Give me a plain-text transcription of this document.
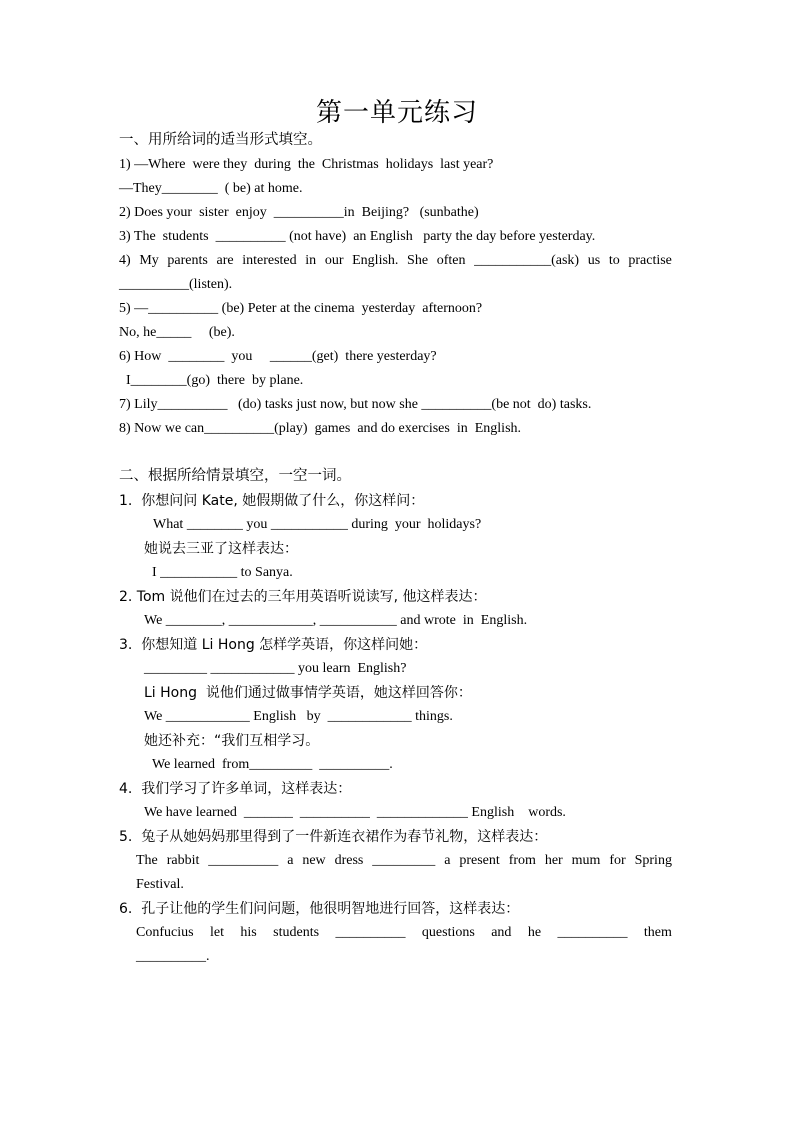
第一单元练习
一、用所给词的适当形式填空。
1) —Where  were they  during  the  Christmas  holidays  last year?
—They________  ( be) at home.
2) Does your  sister  enjoy  __________in  Beijing?   (sunbathe)
3) The  students  __________ (not have)  an English   party the day before yesterday.
4) My parents are interested in our English. She often ___________(ask) us to practise
__________(listen).
5) —__________ (be) Peter at the cinema  yesterday  afternoon?
No, he_____     (be).
6) How  ________  you     ______(get)  there yesterday?
I________(go)  there  by plane.
7) Lily__________   (do) tasks just now, but now she __________(be not  do) tasks.
8) Now we can__________(play)  games  and do exercises  in  English.
二、根据所给情景填空，一空一词。
1.  你想问问 Kate, 她假期做了什么，你这样问：
What ________ you ___________ during  your  holidays?
她说去三亚了这样表达：
I ___________ to Sanya.
2. Tom 说他们在过去的三年用英语听说读写, 他这样表达：
We ________, ____________, ___________ and wrote  in  English.
3.  你想知道 Li Hong 怎样学英语，你这样问她：
_________ ____________ you learn  English?
Li Hong  说他们通过做事情学英语，她这样回答你：
We ____________ English   by  ____________ things.
她还补充：“我们互相学习。
We learned  from_________  __________.
4.  我们学习了许多单词，这样表达：
We have learned  _______  __________  _____________ English    words.
5.  兔子从她妈妈那里得到了一件新连衣裙作为春节礼物，这样表达：
The rabbit __________ a new dress _________ a present from her mum for Spring
Festival.
6.  孔子让他的学生们问问题，他很明智地进行回答，这样表达：
Confucius let his students __________ questions and he __________ them
__________.
